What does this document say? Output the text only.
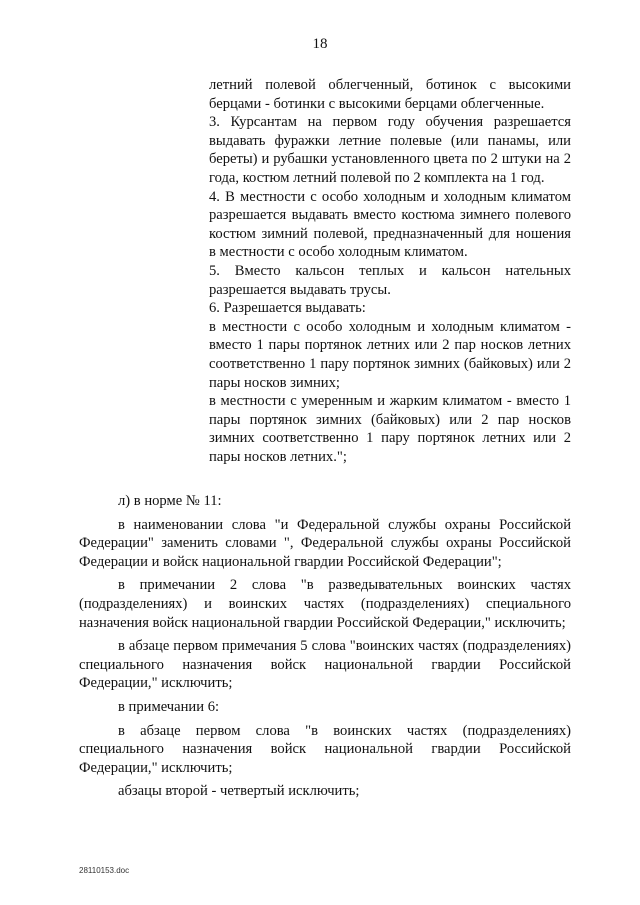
18

летний полевой облегченный, ботинок с высокими берцами - ботинки с высокими берцами облегченные.

3. Курсантам на первом году обучения разрешается выдавать фуражки летние полевые (или панамы, или береты) и рубашки установленного цвета по 2 штуки на 2 года, костюм летний полевой по 2 комплекта на 1 год.

4. В местности с особо холодным и холодным климатом разрешается выдавать вместо костюма зимнего полевого костюм зимний полевой, предназначенный для ношения в местности с особо холодным климатом.

5. Вместо кальсон теплых и кальсон нательных разрешается выдавать трусы.

6. Разрешается выдавать:

в местности с особо холодным и холодным климатом - вместо 1 пары портянок летних или 2 пар носков летних соответственно 1 пару портянок зимних (байковых) или 2 пары носков зимних;

в местности с умеренным и жарким климатом - вместо 1 пары портянок зимних (байковых) или 2 пар носков зимних соответственно 1 пару портянок летних или 2 пары носков летних.";

л) в норме № 11:

в наименовании слова "и Федеральной службы охраны Российской Федерации" заменить словами ", Федеральной службы охраны Российской Федерации и войск национальной гвардии Российской Федерации";

в примечании 2 слова "в разведывательных воинских частях (подразделениях) и воинских частях (подразделениях) специального назначения войск национальной гвардии Российской Федерации," исключить;

в абзаце первом примечания 5 слова "воинских частях (подразделениях) специального назначения войск национальной гвардии Российской Федерации," исключить;

в примечании 6:

в абзаце первом слова "в воинских частях (подразделениях) специального назначения войск национальной гвардии Российской Федерации," исключить;

абзацы второй - четвертый исключить;

28110153.doc
